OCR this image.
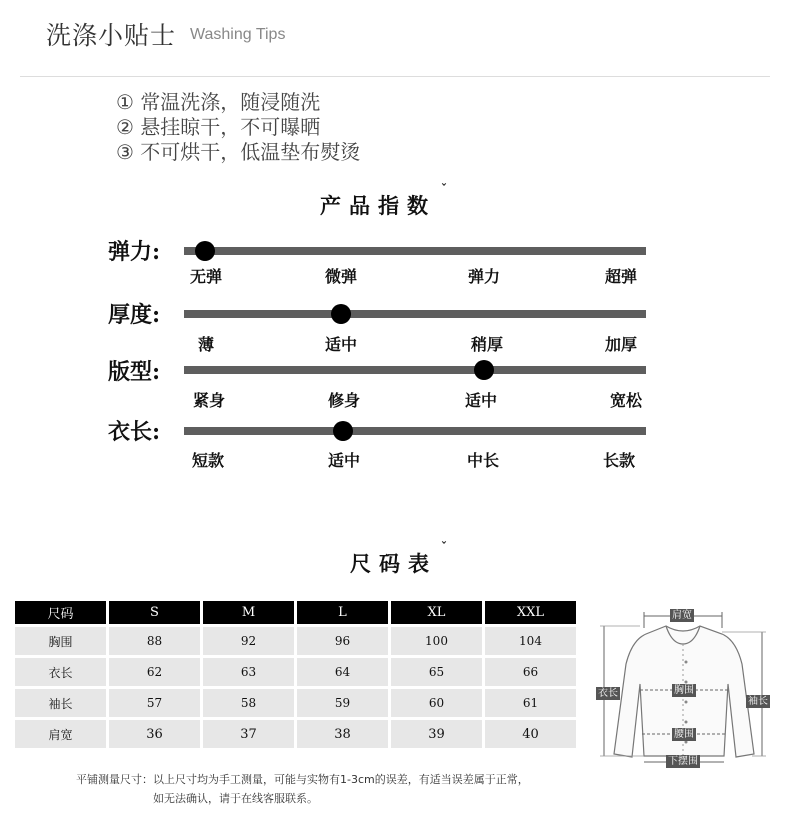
洗涤小贴士 Washing Tips
① 常温洗涤，随浸随洗
② 悬挂晾干，不可曝晒
③ 不可烘干，低温垫布熨烫
产品指数
ˇ
弹力:
无弹	微弹	弹力	超弹
厚度:
薄	适中	稍厚	加厚
版型:
紧身	修身	适中	宽松
衣长:
短款	适中	中长	长款
尺码表
ˇ
尺码	S	M	L	XL	XXL
胸围	88	92	96	100	104
衣长	62	63	64	65	66
袖长	57	58	59	60	61
肩宽	36	37	38	39	40
平铺测量尺寸：以上尺寸均为手工测量，可能与实物有1-3cm的误差，有适当误差属于正常，
如无法确认，请于在线客服联系。
肩宽
胸围
衣长
袖长
腰围
下摆围
